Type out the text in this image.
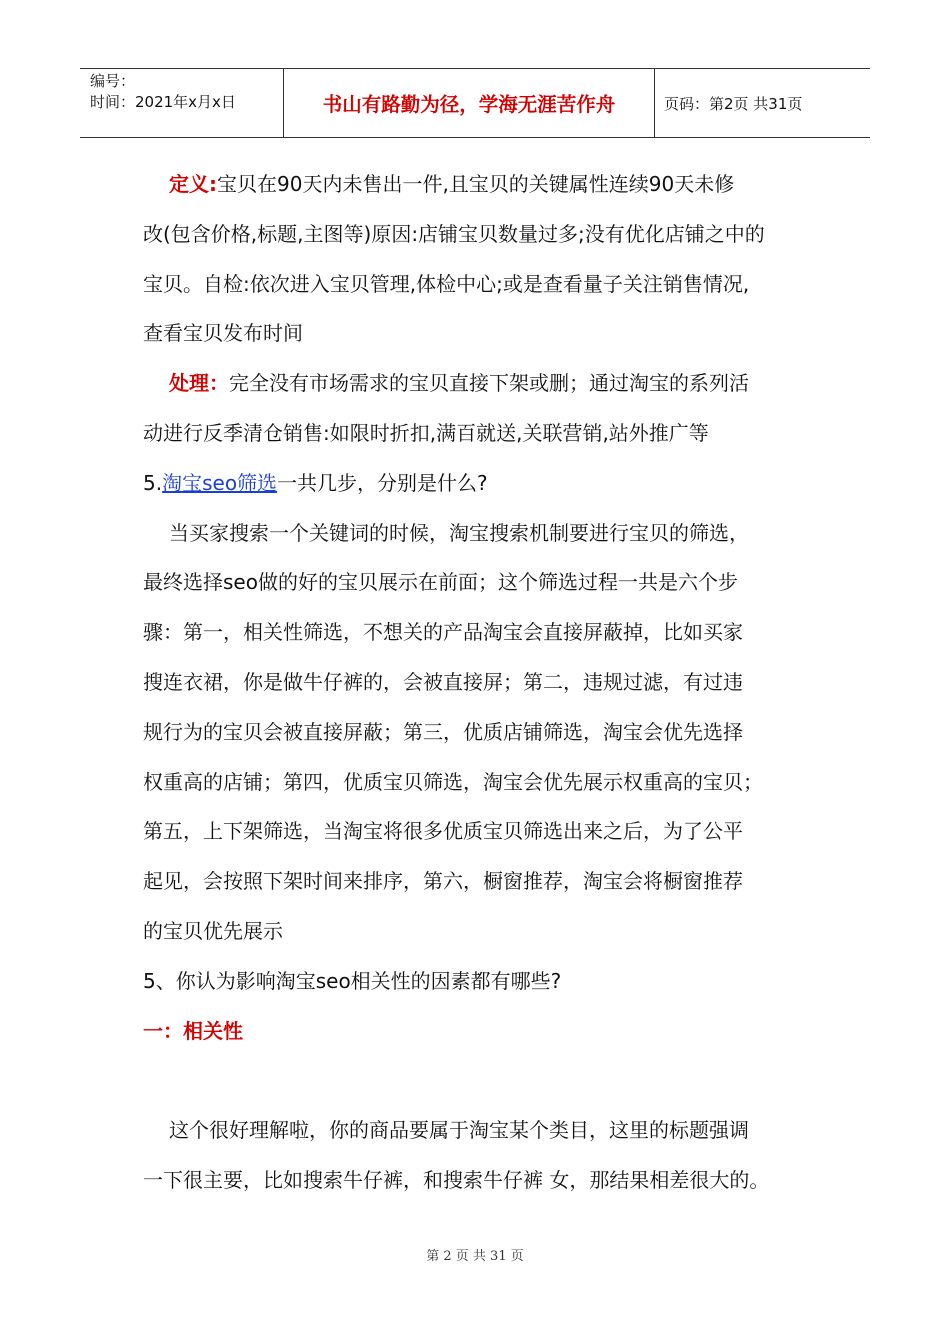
编号：
时间：2021年x月x日	书山有路勤为径，学海无涯苦作舟	页码：第2页 共31页
定义:宝贝在90天内未售出一件,且宝贝的关键属性连续90天未修
改(包含价格,标题,主图等)原因:店铺宝贝数量过多;没有优化店铺之中的
宝贝。自检:依次进入宝贝管理,体检中心;或是查看量子关注销售情况,
查看宝贝发布时间
处理：完全没有市场需求的宝贝直接下架或删；通过淘宝的系列活
动进行反季清仓销售:如限时折扣,满百就送,关联营销,站外推广等
5.淘宝seo筛选一共几步，分别是什么?
当买家搜索一个关键词的时候，淘宝搜索机制要进行宝贝的筛选，
最终选择seo做的好的宝贝展示在前面；这个筛选过程一共是六个步
骤：第一，相关性筛选，不想关的产品淘宝会直接屏蔽掉，比如买家
搜连衣裙，你是做牛仔裤的，会被直接屏；第二，违规过滤，有过违
规行为的宝贝会被直接屏蔽；第三，优质店铺筛选，淘宝会优先选择
权重高的店铺；第四，优质宝贝筛选，淘宝会优先展示权重高的宝贝；
第五，上下架筛选，当淘宝将很多优质宝贝筛选出来之后，为了公平
起见，会按照下架时间来排序，第六，橱窗推荐，淘宝会将橱窗推荐
的宝贝优先展示
5、你认为影响淘宝seo相关性的因素都有哪些?
一：相关性
这个很好理解啦，你的商品要属于淘宝某个类目，这里的标题强调
一下很主要，比如搜索牛仔裤，和搜索牛仔裤 女，那结果相差很大的。
第 2 页 共 31 页
